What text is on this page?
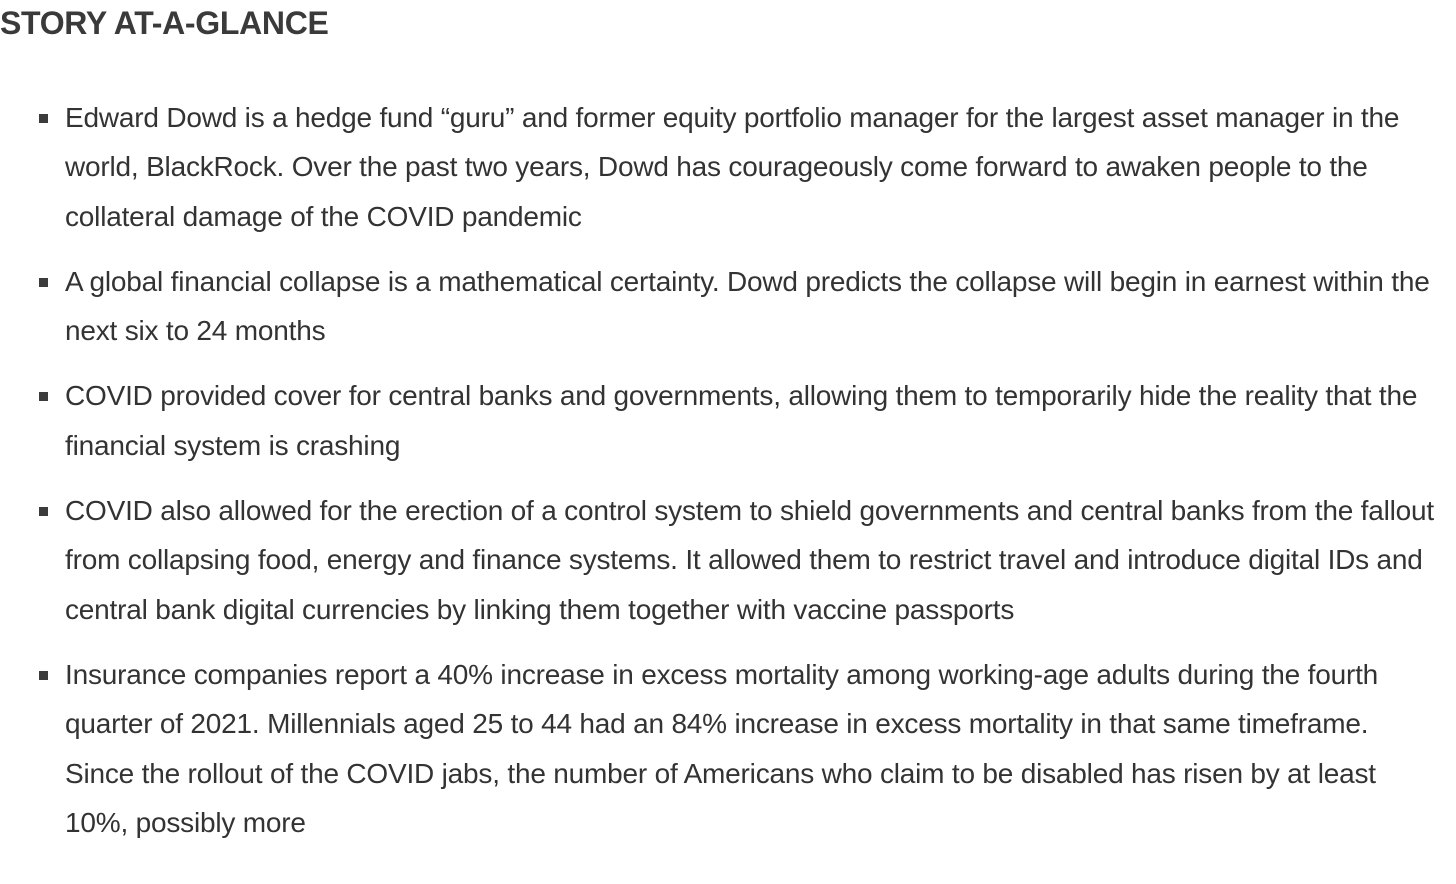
STORY AT-A-GLANCE
Edward Dowd is a hedge fund “guru” and former equity portfolio manager for the largest asset manager in the world, BlackRock. Over the past two years, Dowd has courageously come forward to awaken people to the collateral damage of the COVID pandemic
A global financial collapse is a mathematical certainty. Dowd predicts the collapse will begin in earnest within the next six to 24 months
COVID provided cover for central banks and governments, allowing them to temporarily hide the reality that the financial system is crashing
COVID also allowed for the erection of a control system to shield governments and central banks from the fallout from collapsing food, energy and finance systems. It allowed them to restrict travel and introduce digital IDs and central bank digital currencies by linking them together with vaccine passports
Insurance companies report a 40% increase in excess mortality among working-age adults during the fourth quarter of 2021. Millennials aged 25 to 44 had an 84% increase in excess mortality in that same timeframe. Since the rollout of the COVID jabs, the number of Americans who claim to be disabled has risen by at least 10%, possibly more
